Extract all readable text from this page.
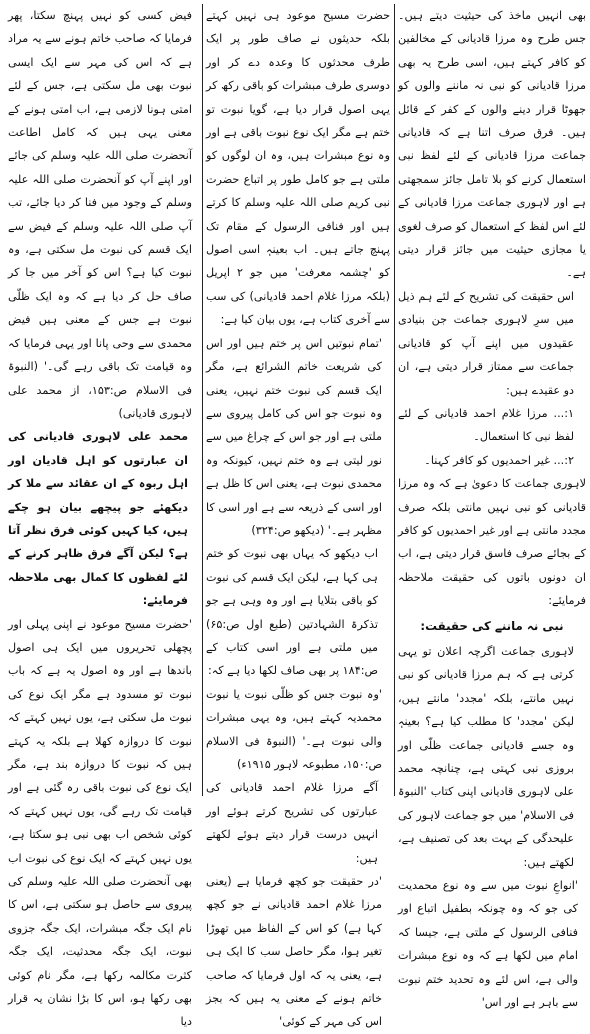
بھی انہیں ماخذ کی حیثیت دیتے ہیں۔ جس طرح وہ مرزا قادیانی کے مخالفین کو کافر کہتے ہیں، اسی طرح یہ بھی مرزا قادیانی کو نبی نہ ماننے والوں کو جھوٹا قرار دینے والوں کے کفر کے قائل ہیں۔ فرق صرف اتنا ہے کہ قادیانی جماعت مرزا قادیانی کے لئے لفظ نبی استعمال کرنے کو بلا تامل جائز سمجھتی ہے اور لاہوری جماعت مرزا قادیانی کے لئے اس لفظ کے استعمال کو صرف لغوی یا مجازی حیثیت میں جائز قرار دیتی ہے۔

اس حقیقت کی تشریح کے لئے ہم ذیل میں سرِ لاہوری جماعت جن بنیادی عقیدوں میں اپنے آپ کو قادیانی جماعت سے ممتاز قرار دیتی ہے، ان دو عقیدے ہیں:

۱:... مرزا غلام احمد قادیانی کے لئے لفظ نبی کا استعمال۔

۲:... غیر احمدیوں کو کافر کہنا۔

لاہوری جماعت کا دعویٰ ہے کہ وہ مرزا قادیانی کو نبی نہیں مانتی بلکہ صرف مجدد مانتی ہے اور غیر احمدیوں کو کافر کے بجائے صرف فاسق قرار دیتی ہے، اب ان دونوں باتوں کی حقیقت ملاحظہ فرمایئے:

نبی نہ ماننے کی حقیقت:

لاہوری جماعت اگرچہ اعلان تو یہی کرتی ہے کہ ہم مرزا قادیانی کو نبی نہیں مانتے، بلکہ 'مجدد' مانتے ہیں، لیکن 'مجدد' کا مطلب کیا ہے؟ بعینہٖ وہ جسے قادیانی جماعت ظلّی اور بروزی نبی کہتی ہے، چنانچہ محمد علی لاہوری قادیانی اپنی کتاب 'النبوۃ فی الاسلام' میں جو جماعت لاہور کی علیحدگی کے بہت بعد کی تصنیف ہے، لکھتے ہیں:

'انواعِ نبوت میں سے وہ نوع محمدیت کی جو کہ وہ چونکہ بطفیل اتباع اور فنافی الرسول کے ملتی ہے، جیسا کہ امام میں لکھا ہے کہ وہ نوع مبشرات والی ہے، اس لئے وہ تحدید ختم نبوت سے باہر ہے اور اس'

حضرت مسیح موعود ہی نہیں کہتے بلکہ حدیثوں نے صاف طور پر ایک طرف محدثوں کا وعدہ دے کر اور دوسری طرف مبشرات کو باقی رکھ کر یہی اصول قرار دیا ہے، گویا نبوت تو ختم ہے مگر ایک نوع نبوت باقی ہے اور وہ نوع مبشرات ہیں، وہ ان لوگوں کو ملتی ہے جو کامل طور پر اتباع حضرت نبی کریم صلی اللہ علیہ وسلم کا کرتے ہیں اور فنافی الرسول کے مقام تک پہنچ جاتے ہیں۔ اب بعینہٖ اسی اصول کو 'چشمہ معرفت' میں جو ۲ اپریل (بلکہ مرزا غلام احمد قادیانی) کی سب سے آخری کتاب ہے، یوں بیان کیا ہے:

'تمام نبوتیں اس پر ختم ہیں اور اس کی شریعت خاتم الشرائع ہے، مگر ایک قسم کی نبوت ختم نہیں، یعنی وہ نبوت جو اس کی کامل پیروی سے ملتی ہے اور جو اس کے چراغ میں سے نور لیتی ہے وہ ختم نہیں، کیونکہ وہ محمدی نبوت ہے، یعنی اس کا ظل ہے اور اسی کے ذریعہ سے ہے اور اسی کا مظہر ہے۔' (دیکھو ص:۳۲۴)

اب دیکھو کہ یہاں بھی نبوت کو ختم ہی کہا ہے، لیکن ایک قسم کی نبوت کو باقی بتلایا ہے اور وہ وہی ہے جو تذکرۃ الشہادتین (طبع اول ص:۶۵) میں ملتی ہے اور اسی کتاب کے ص:۱۸۴ پر بھی صاف لکھا دیا ہے کہ:

'وہ نبوت جس کو ظلّی نبوت یا نبوت محمدیہ کہتے ہیں، وہ یہی مبشرات والی نبوت ہے۔' (النبوۃ فی الاسلام ص:۱۵۰، مطبوعہ لاہور ۱۹۱۵ء)

آگے مرزا غلام احمد قادیانی کی عبارتوں کی تشریح کرتے ہوئے اور انہیں درست قرار دیتے ہوئے لکھتے ہیں:

'در حقیقت جو کچھ فرمایا ہے (یعنی مرزا غلام احمد قادیانی نے جو کچھ کہا ہے) کو اس کے الفاظ میں تھوڑا تغیر ہوا، مگر حاصل سب کا ایک ہی ہے، یعنی یہ کہ اول فرمایا کہ صاحب خاتم ہونے کے معنی یہ ہیں کہ بجز اس کی مہر کے کوئی'

فیض کسی کو نہیں پہنچ سکتا، پھر فرمایا کہ صاحب خاتم ہونے سے یہ مراد ہے کہ اس کی مہر سے ایک ایسی نبوت بھی مل سکتی ہے، جس کے لئے امتی ہونا لازمی ہے، اب امتی ہونے کے معنی یہی ہیں کہ کامل اطاعت آنحضرت صلی اللہ علیہ وسلم کی جائے اور اپنے آپ کو آنحضرت صلی اللہ علیہ وسلم کے وجود میں فنا کر دیا جائے، تب آپ صلی اللہ علیہ وسلم کے فیض سے ایک قسم کی نبوت مل سکتی ہے، وہ نبوت کیا ہے؟ اس کو آخر میں جا کر صاف حل کر دیا ہے کہ وہ ایک ظلّی نبوت ہے جس کے معنی ہیں فیض محمدی سے وحی پانا اور یہی فرمایا کہ وہ قیامت تک باقی رہے گی۔' (النبوۃ فی الاسلام ص:۱۵۳، از محمد علی لاہوری قادیانی)

محمد علی لاہوری قادیانی کی ان عبارتوں کو اہل قادیان اور اہل ربوہ کے ان عقائد سے ملا کر دیکھئے جو پیچھے بیان ہو چکے ہیں، کیا کہیں کوئی فرق نظر آتا ہے؟ لیکن آگے فرق ظاہر کرنے کے لئے لفظوں کا کمال بھی ملاحظہ فرمایئے:

'حضرت مسیح موعود نے اپنی پہلی اور پچھلی تحریروں میں ایک ہی اصول باندھا ہے اور وہ اصول یہ ہے کہ باب نبوت تو مسدود ہے مگر ایک نوع کی نبوت مل سکتی ہے، یوں نہیں کہتے کہ نبوت کا دروازہ کھلا ہے بلکہ یہ کہتے ہیں کہ نبوت کا دروازہ بند ہے، مگر ایک نوع کی نبوت باقی رہ گئی ہے اور قیامت تک رہے گی، یوں نہیں کہتے کہ کوئی شخص اب بھی نبی ہو سکتا ہے، یوں نہیں کہتے کہ ایک نوع کی نبوت اب بھی آنحضرت صلی اللہ علیہ وسلم کی پیروی سے حاصل ہو سکتی ہے، اس کا نام ایک جگہ مبشرات، ایک جگہ جزوی نبوت، ایک جگہ محدثیت، ایک جگہ کثرت مکالمہ رکھا ہے، مگر نام کوئی بھی رکھا ہو، اس کا بڑا نشان یہ قرار دیا
